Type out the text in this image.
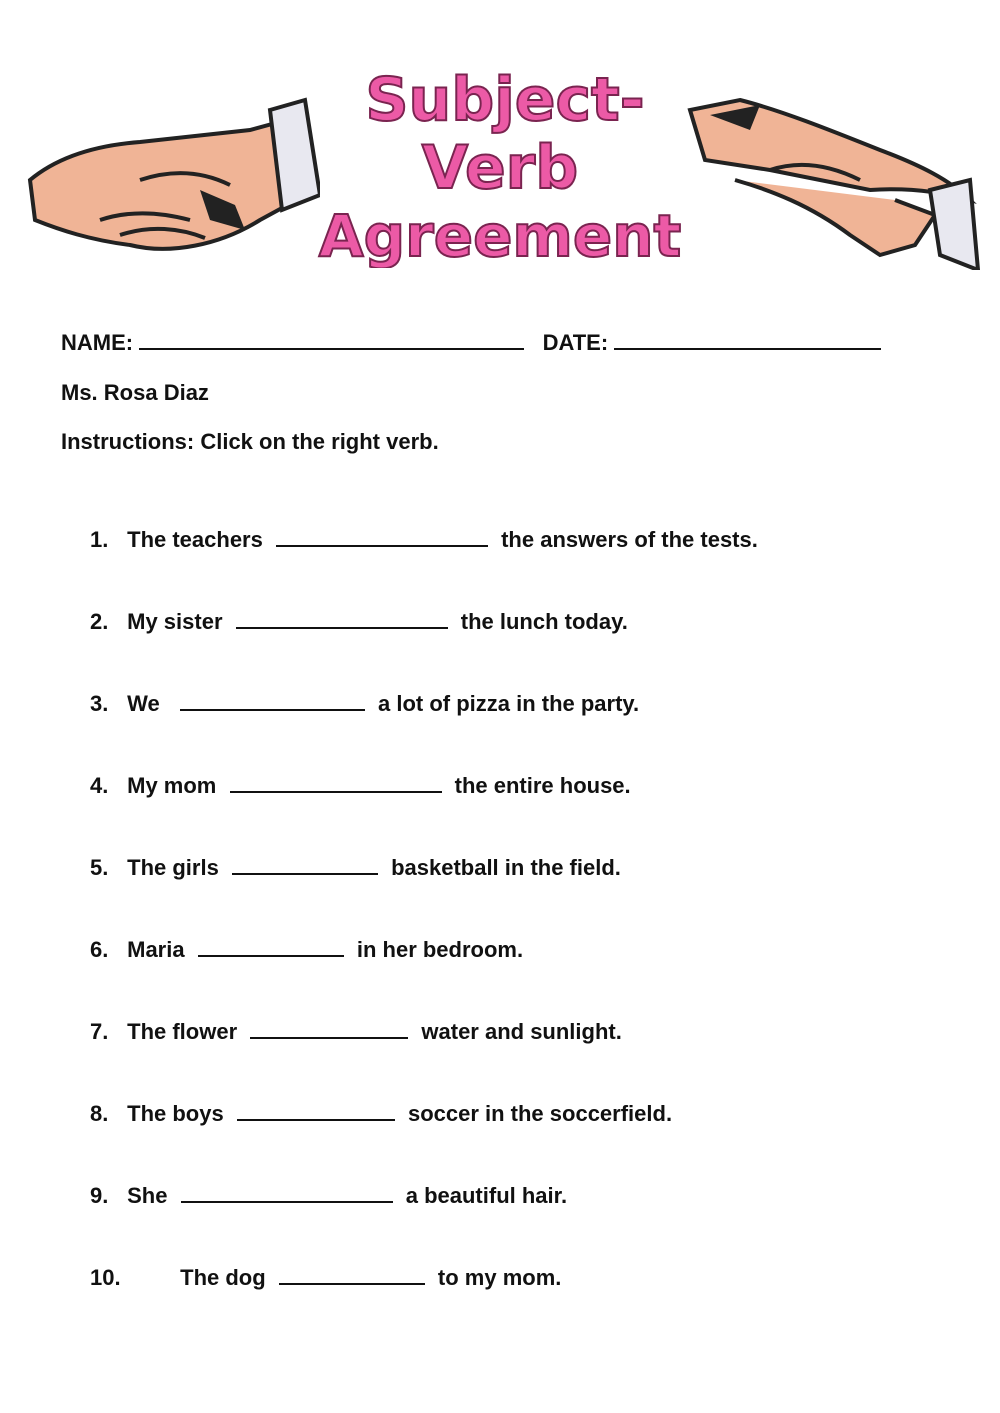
Subject-
Verb
Agreement
NAME:	DATE:
Ms. Rosa Diaz
Instructions: Click on the right verb.
1. The teachers	the answers of the tests.
2. My sister	the lunch today.
3. We	a lot of pizza in the party.
4. My mom	the entire house.
5. The girls	basketball in the field.
6. Maria	in her bedroom.
7. The flower	water and sunlight.
8. The boys	soccer in the soccerfield.
9. She	a beautiful hair.
10.	The dog	to my mom.
